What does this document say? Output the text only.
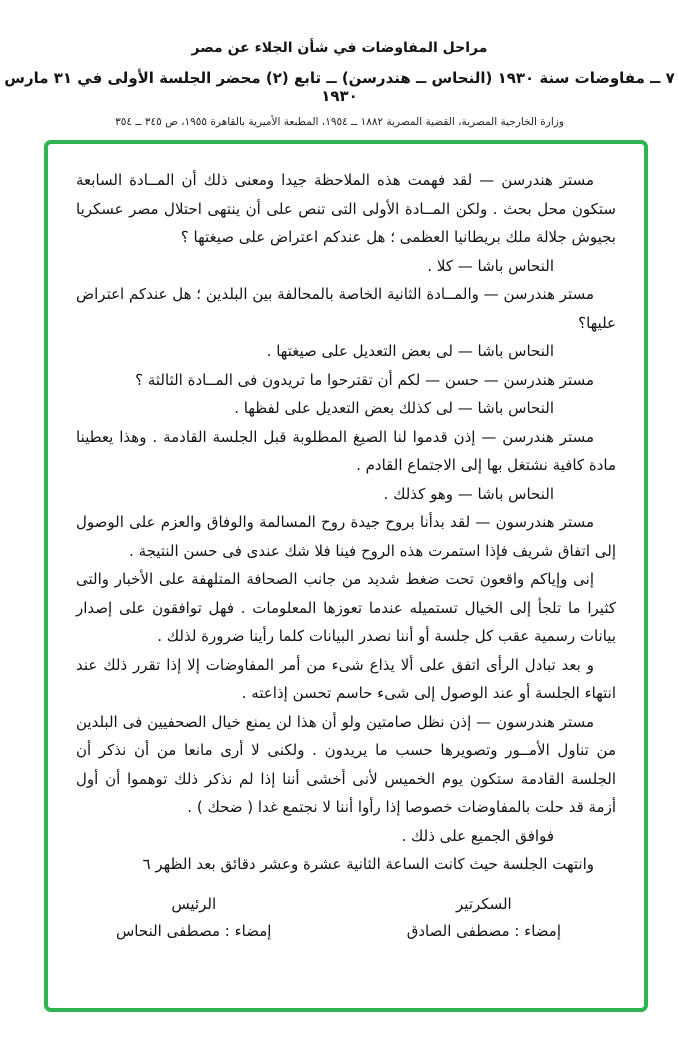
مراحل المفاوضات في شأن الجلاء عن مصر
٧ ــ مفاوضات سنة ١٩٣٠ (النحاس ــ هندرسن) ــ تابع (٢) محضر الجلسة الأولى في ٣١ مارس ١٩٣٠
وزارة الخارجية المصرية، القضية المصرية ١٨٨٢ ــ ١٩٥٤، المطبعة الأميرية بالقاهرة ١٩٥٥، ص ٣٤٥ ــ ٣٥٤

مستر هندرسن — لقد فهمت هذه الملاحظة جيدا ومعنى ذلك أن المــادة السابعة ستكون محل بحث . ولكن المــادة الأولى التى تنص على أن ينتهى احتلال مصر عسكريا بجيوش جلالة ملك بريطانيا العظمى ؛ هل عندكم اعتراض على صيغتها ؟

النحاس باشا — كلا .

مستر هندرسن — والمــادة الثانية الخاصة بالمحالفة بين البلدين ؛ هل عندكم اعتراض عليها؟

النحاس باشا — لى بعض التعديل على صيغتها .

مستر هندرسن — حسن — لكم أن تقترحوا ما تريدون فى المــادة الثالثة ؟

النحاس باشا — لى كذلك بعض التعديل على لفظها .

مستر هندرسن — إذن قدموا لنا الصيغ المطلوبة قبل الجلسة القادمة . وهذا يعطينا مادة كافية نشتغل بها إلى الاجتماع القادم .

النحاس باشا — وهو كذلك .

مستر هندرسون — لقد بدأنا بروح جيدة روح المسالمة والوفاق والعزم على الوصول إلى اتفاق شريف فإذا استمرت هذه الروح فينا فلا شك عندى فى حسن النتيجة .

إنى وإياكم واقعون تحت ضغط شديد من جانب الصحافة المتلهفة على الأخبار والتى كثيرا ما تلجأ إلى الخيال تستميله عندما تعوزها المعلومات . فهل توافقون على إصدار بيانات رسمية عقب كل جلسة أو أننا نصدر البيانات كلما رأينا ضرورة لذلك .

و بعد تبادل الرأى اتفق على ألا يذاع شىء من أمر المفاوضات إلا إذا تقرر ذلك عند انتهاء الجلسة أو عند الوصول إلى شىء حاسم تحسن إذاعته .

مستر هندرسون — إذن نظل صامتين ولو أن هذا لن يمنع خيال الصحفيين فى البلدين من تناول الأمــور وتصويرها حسب ما يريدون . ولكنى لا أرى مانعا من أن نذكر أن الجلسة القادمة ستكون يوم الخميس لأنى أخشى أننا إذا لم نذكر ذلك توهموا أن أول أزمة قد حلت بالمفاوضات خصوصا إذا رأوا أننا لا نجتمع غدا ( ضحك ) .

فوافق الجميع على ذلك .

وانتهت الجلسة حيث كانت الساعة الثانية عشرة وعشر دقائق بعد الظهر ٦

السكرتير
إمضاء : مصطفى الصادق
الرئيس
إمضاء : مصطفى النحاس
